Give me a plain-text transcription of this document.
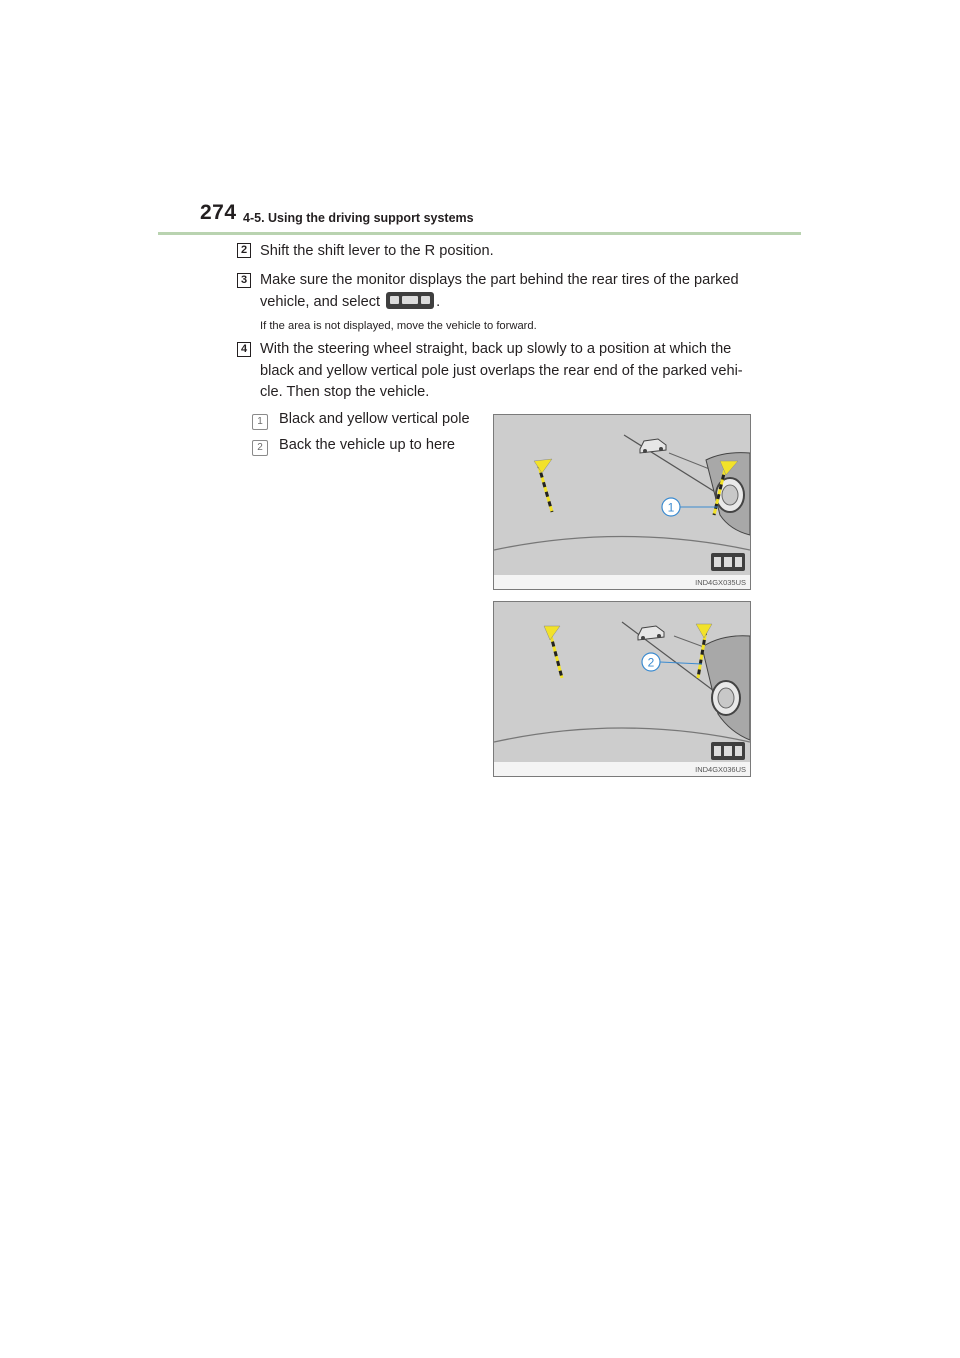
274 4-5. Using the driving support systems
2 Shift the shift lever to the R position.
3 Make sure the monitor displays the part behind the rear tires of the parked vehicle, and select	.
If the area is not displayed, move the vehicle to forward.
4 With the steering wheel straight, back up slowly to a position at which the black and yellow vertical pole just overlaps the rear end of the parked vehi-cle. Then stop the vehicle.
1	Black and yellow vertical pole
2	Back the vehicle up to here
1
IND4GX035US
2
IND4GX036US
